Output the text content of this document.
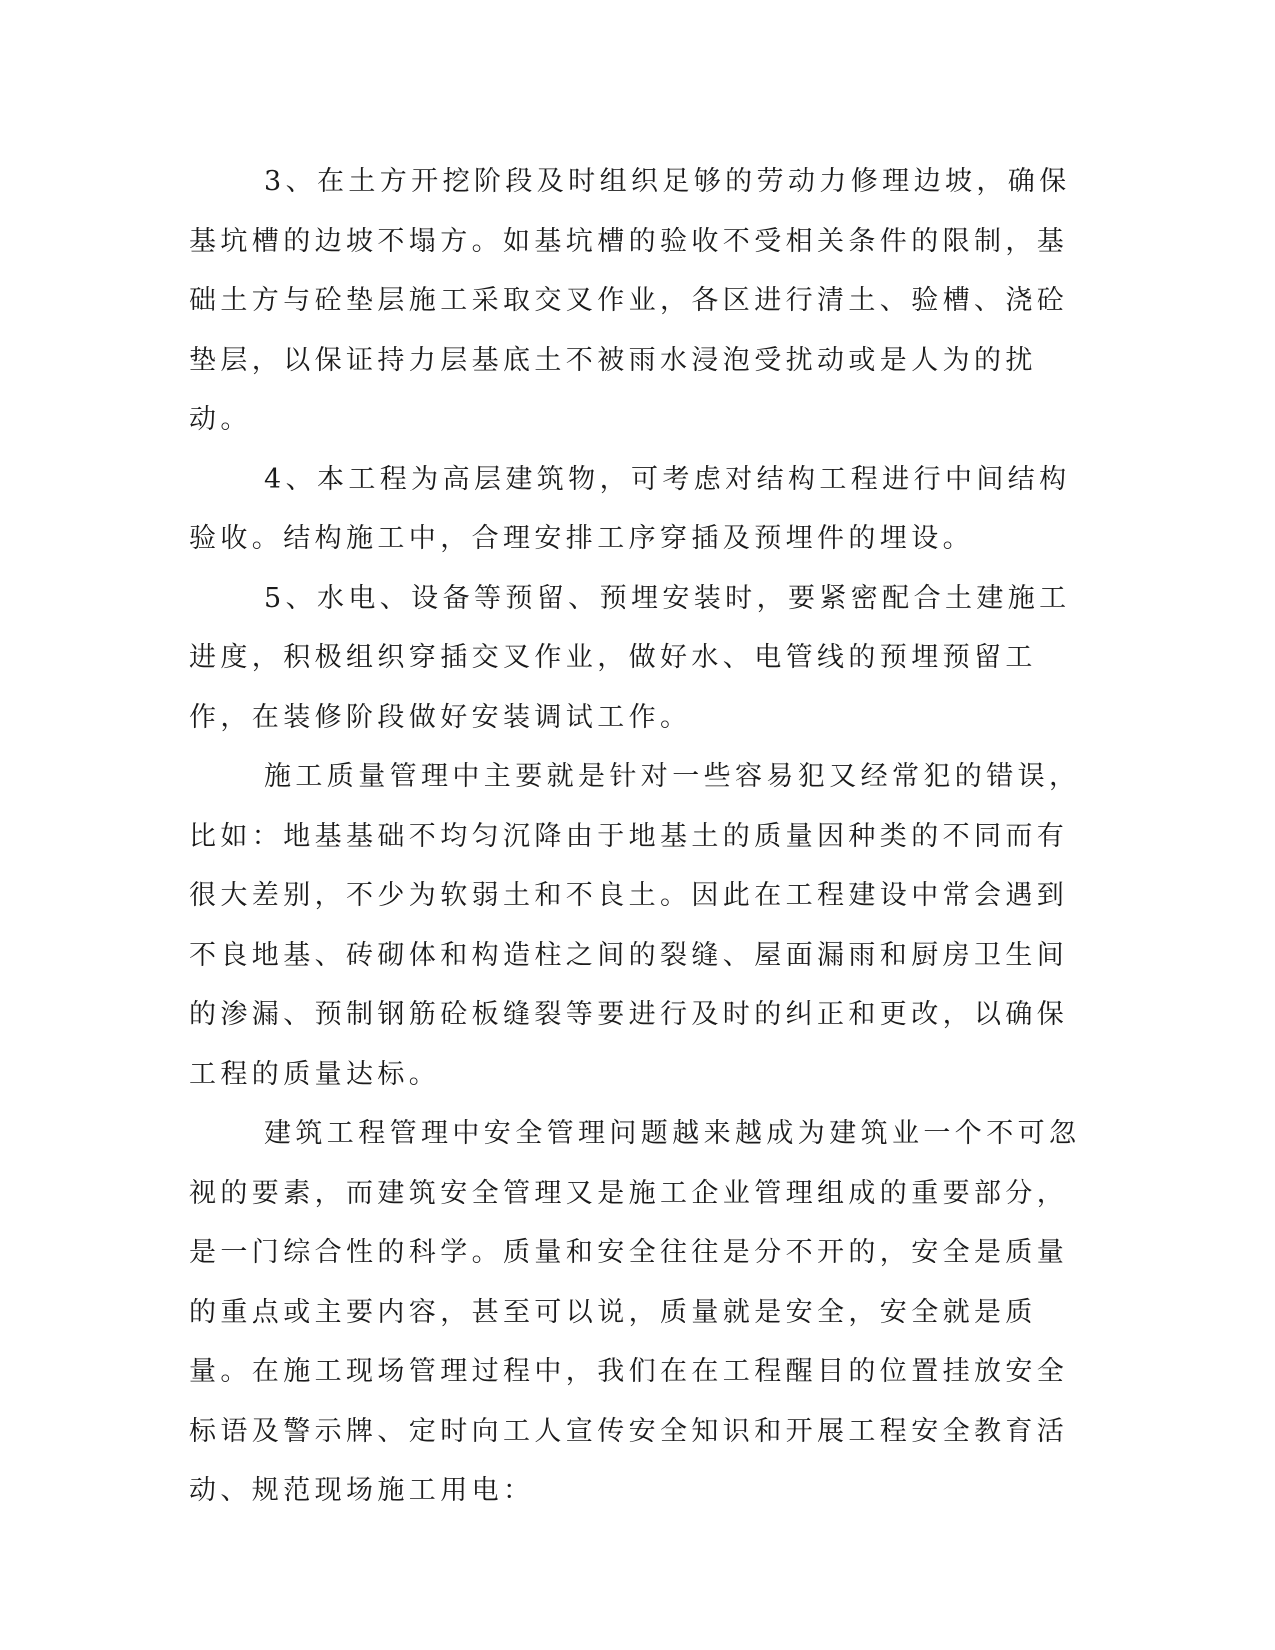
3、在土方开挖阶段及时组织足够的劳动力修理边坡，确保基坑槽的边坡不塌方。如基坑槽的验收不受相关条件的限制，基础土方与砼垫层施工采取交叉作业，各区进行清土、验槽、浇砼垫层，以保证持力层基底土不被雨水浸泡受扰动或是人为的扰动。

4、本工程为高层建筑物，可考虑对结构工程进行中间结构验收。结构施工中，合理安排工序穿插及预埋件的埋设。

5、水电、设备等预留、预埋安装时，要紧密配合土建施工进度，积极组织穿插交叉作业，做好水、电管线的预埋预留工作，在装修阶段做好安装调试工作。

施工质量管理中主要就是针对一些容易犯又经常犯的错误，比如：地基基础不均匀沉降由于地基土的质量因种类的不同而有很大差别，不少为软弱土和不良土。因此在工程建设中常会遇到不良地基、砖砌体和构造柱之间的裂缝、屋面漏雨和厨房卫生间的渗漏、预制钢筋砼板缝裂等要进行及时的纠正和更改，以确保工程的质量达标。

建筑工程管理中安全管理问题越来越成为建筑业一个不可忽视的要素，而建筑安全管理又是施工企业管理组成的重要部分，是一门综合性的科学。质量和安全往往是分不开的，安全是质量的重点或主要内容，甚至可以说，质量就是安全，安全就是质量。在施工现场管理过程中，我们在在工程醒目的位置挂放安全标语及警示牌、定时向工人宣传安全知识和开展工程安全教育活动、规范现场施工用电：
